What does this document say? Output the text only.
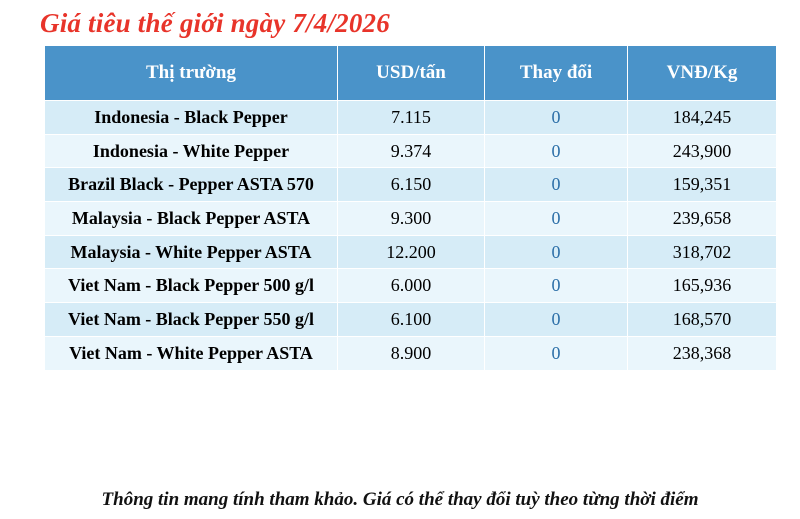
Giá tiêu thế giới ngày 7/4/2026
Thị trường	USD/tấn	Thay đổi	VNĐ/Kg
Indonesia - Black Pepper	7.115	0	184,245
Indonesia - White Pepper	9.374	0	243,900
Brazil Black - Pepper ASTA 570	6.150	0	159,351
Malaysia - Black Pepper ASTA	9.300	0	239,658
Malaysia - White Pepper ASTA	12.200	0	318,702
Viet Nam - Black Pepper 500 g/l	6.000	0	165,936
Viet Nam - Black Pepper 550 g/l	6.100	0	168,570
Viet Nam - White Pepper ASTA	8.900	0	238,368
Thông tin mang tính tham khảo. Giá có thể thay đổi tuỳ theo từng thời điểm
